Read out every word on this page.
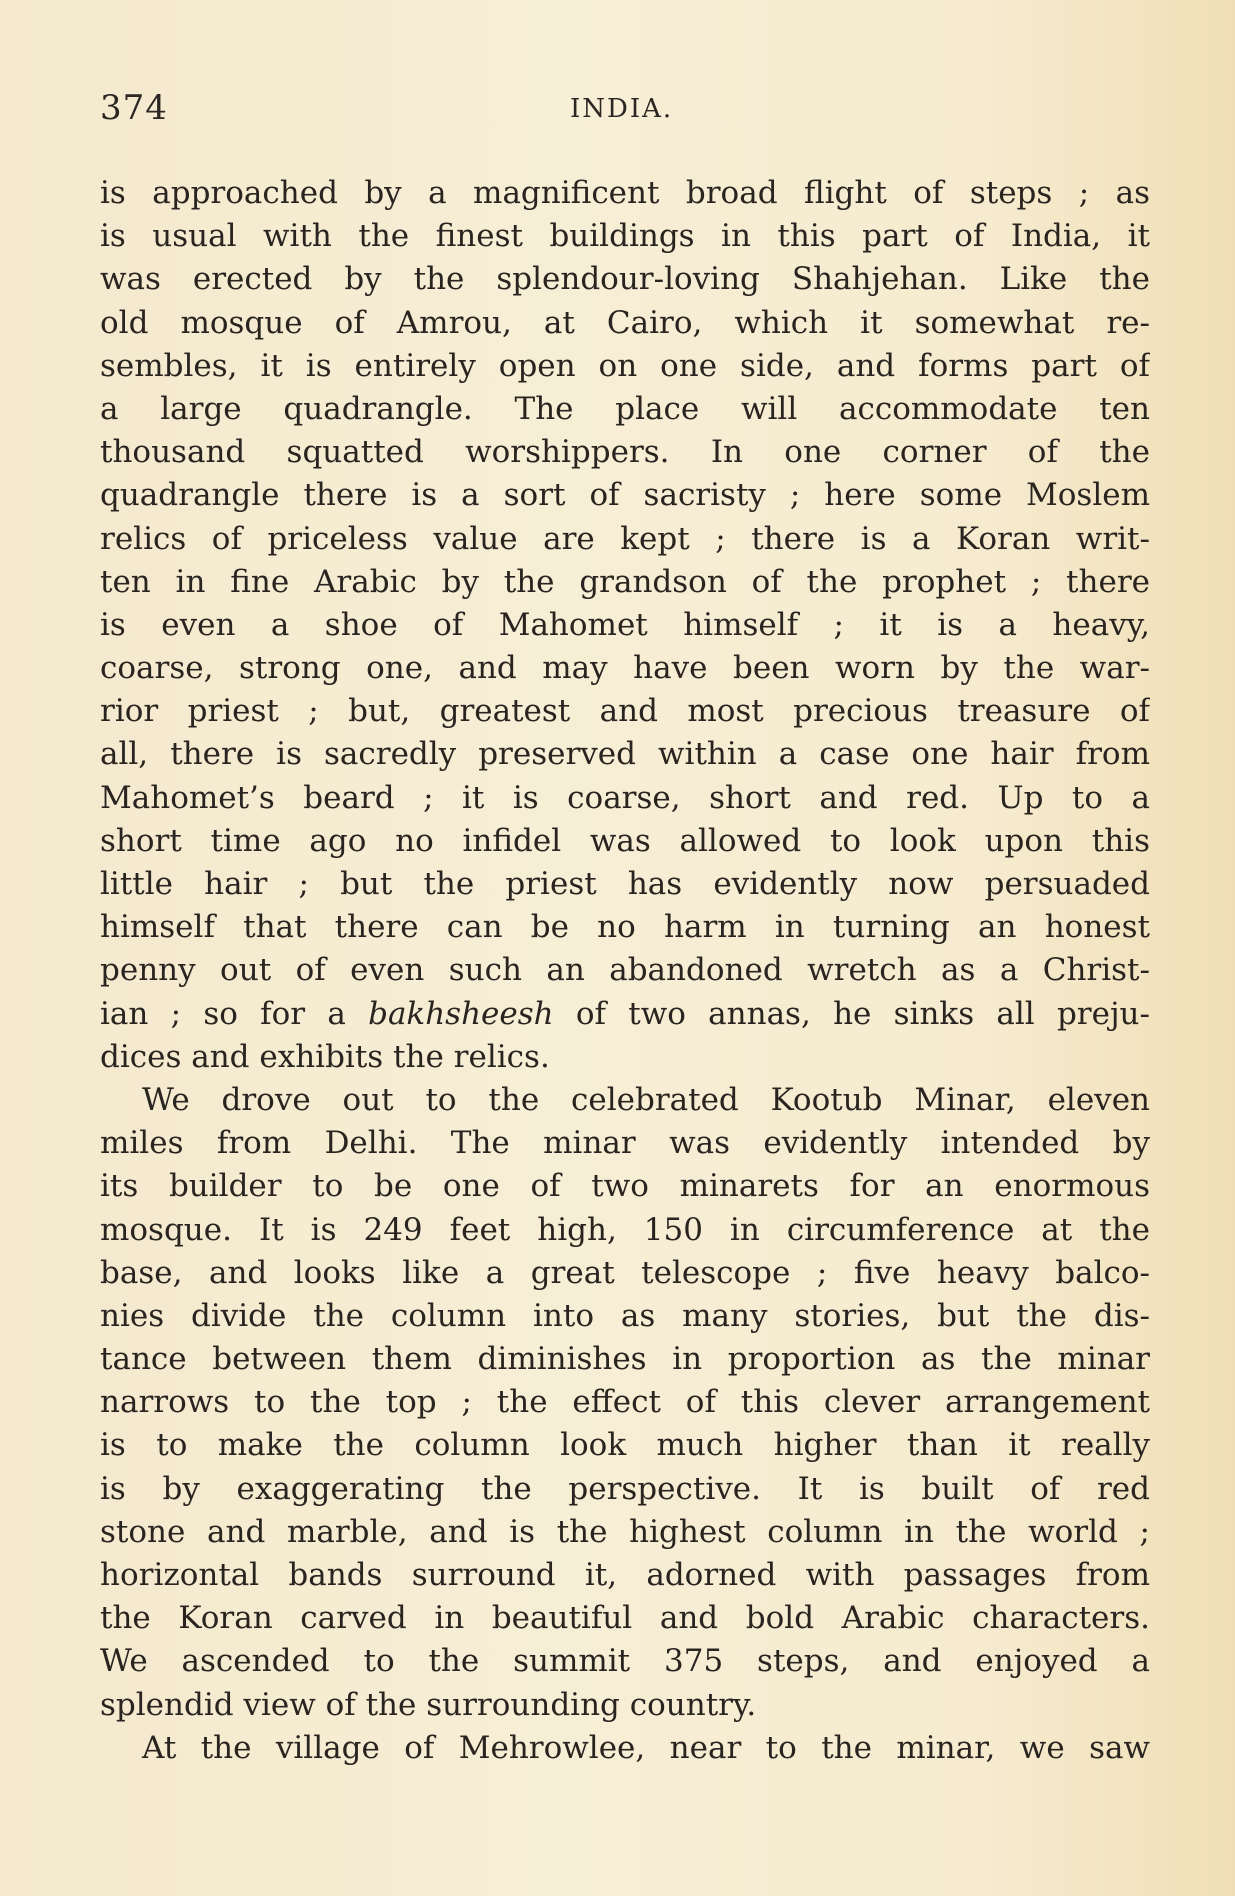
374	INDIA.
is approached by a magnificent broad flight of steps ; as
is usual with the finest buildings in this part of India, it
was erected by the splendour-loving Shahjehan. Like the
old mosque of Amrou, at Cairo, which it somewhat re-
sembles, it is entirely open on one side, and forms part of
a large quadrangle. The place will accommodate ten
thousand squatted worshippers. In one corner of the
quadrangle there is a sort of sacristy ; here some Moslem
relics of priceless value are kept ; there is a Koran writ-
ten in fine Arabic by the grandson of the prophet ; there
is even a shoe of Mahomet himself ; it is a heavy,
coarse, strong one, and may have been worn by the war-
rior priest ; but, greatest and most precious treasure of
all, there is sacredly preserved within a case one hair from
Mahomet’s beard ; it is coarse, short and red. Up to a
short time ago no infidel was allowed to look upon this
little hair ; but the priest has evidently now persuaded
himself that there can be no harm in turning an honest
penny out of even such an abandoned wretch as a Christ-
ian ; so for a bakhsheesh of two annas, he sinks all preju-
dices and exhibits the relics.
We drove out to the celebrated Kootub Minar, eleven
miles from Delhi. The minar was evidently intended by
its builder to be one of two minarets for an enormous
mosque. It is 249 feet high, 150 in circumference at the
base, and looks like a great telescope ; five heavy balco-
nies divide the column into as many stories, but the dis-
tance between them diminishes in proportion as the minar
narrows to the top ; the effect of this clever arrangement
is to make the column look much higher than it really
is by exaggerating the perspective. It is built of red
stone and marble, and is the highest column in the world ;
horizontal bands surround it, adorned with passages from
the Koran carved in beautiful and bold Arabic characters.
We ascended to the summit 375 steps, and enjoyed a
splendid view of the surrounding country.
At the village of Mehrowlee, near to the minar, we saw
